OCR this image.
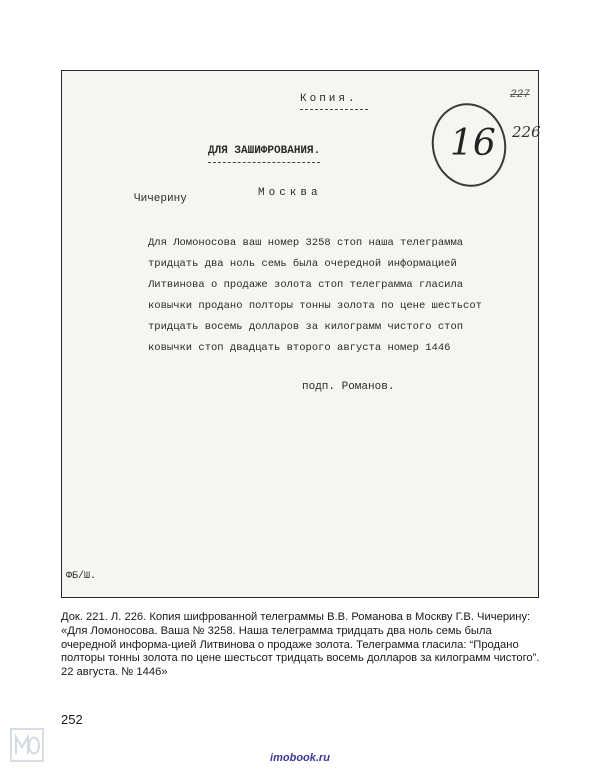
Копия.	227
16 226
ДЛЯ ЗАШИФРОВАНИЯ.
Чичерину	Москва
Для Ломоносова ваш номер 3258 стоп наша телеграмма
тридцать два ноль семь была очередной информацией
Литвинова о продаже золота стоп телеграмма гласила
ковычки продано полторы тонны золота по цене шестьсот
тридцать восемь долларов за килограмм чистого стоп
ковычки стоп двадцать второго августа номер 1446
подп. Романов.
ФБ/Ш.
Док. 221. Л. 226. Копия шифрованной телеграммы В.В. Романова в Москву Г.В. Чичерину: «Для Ломоносова. Ваша № 3258. Наша телеграмма тридцать два ноль семь была очередной информа-цией Литвинова о продаже золота. Телеграмма гласила: “Продано полторы тонны золота по цене шестьсот тридцать восемь долларов за килограмм чистого”. 22 августа. № 1446»
252
imobook.ru
